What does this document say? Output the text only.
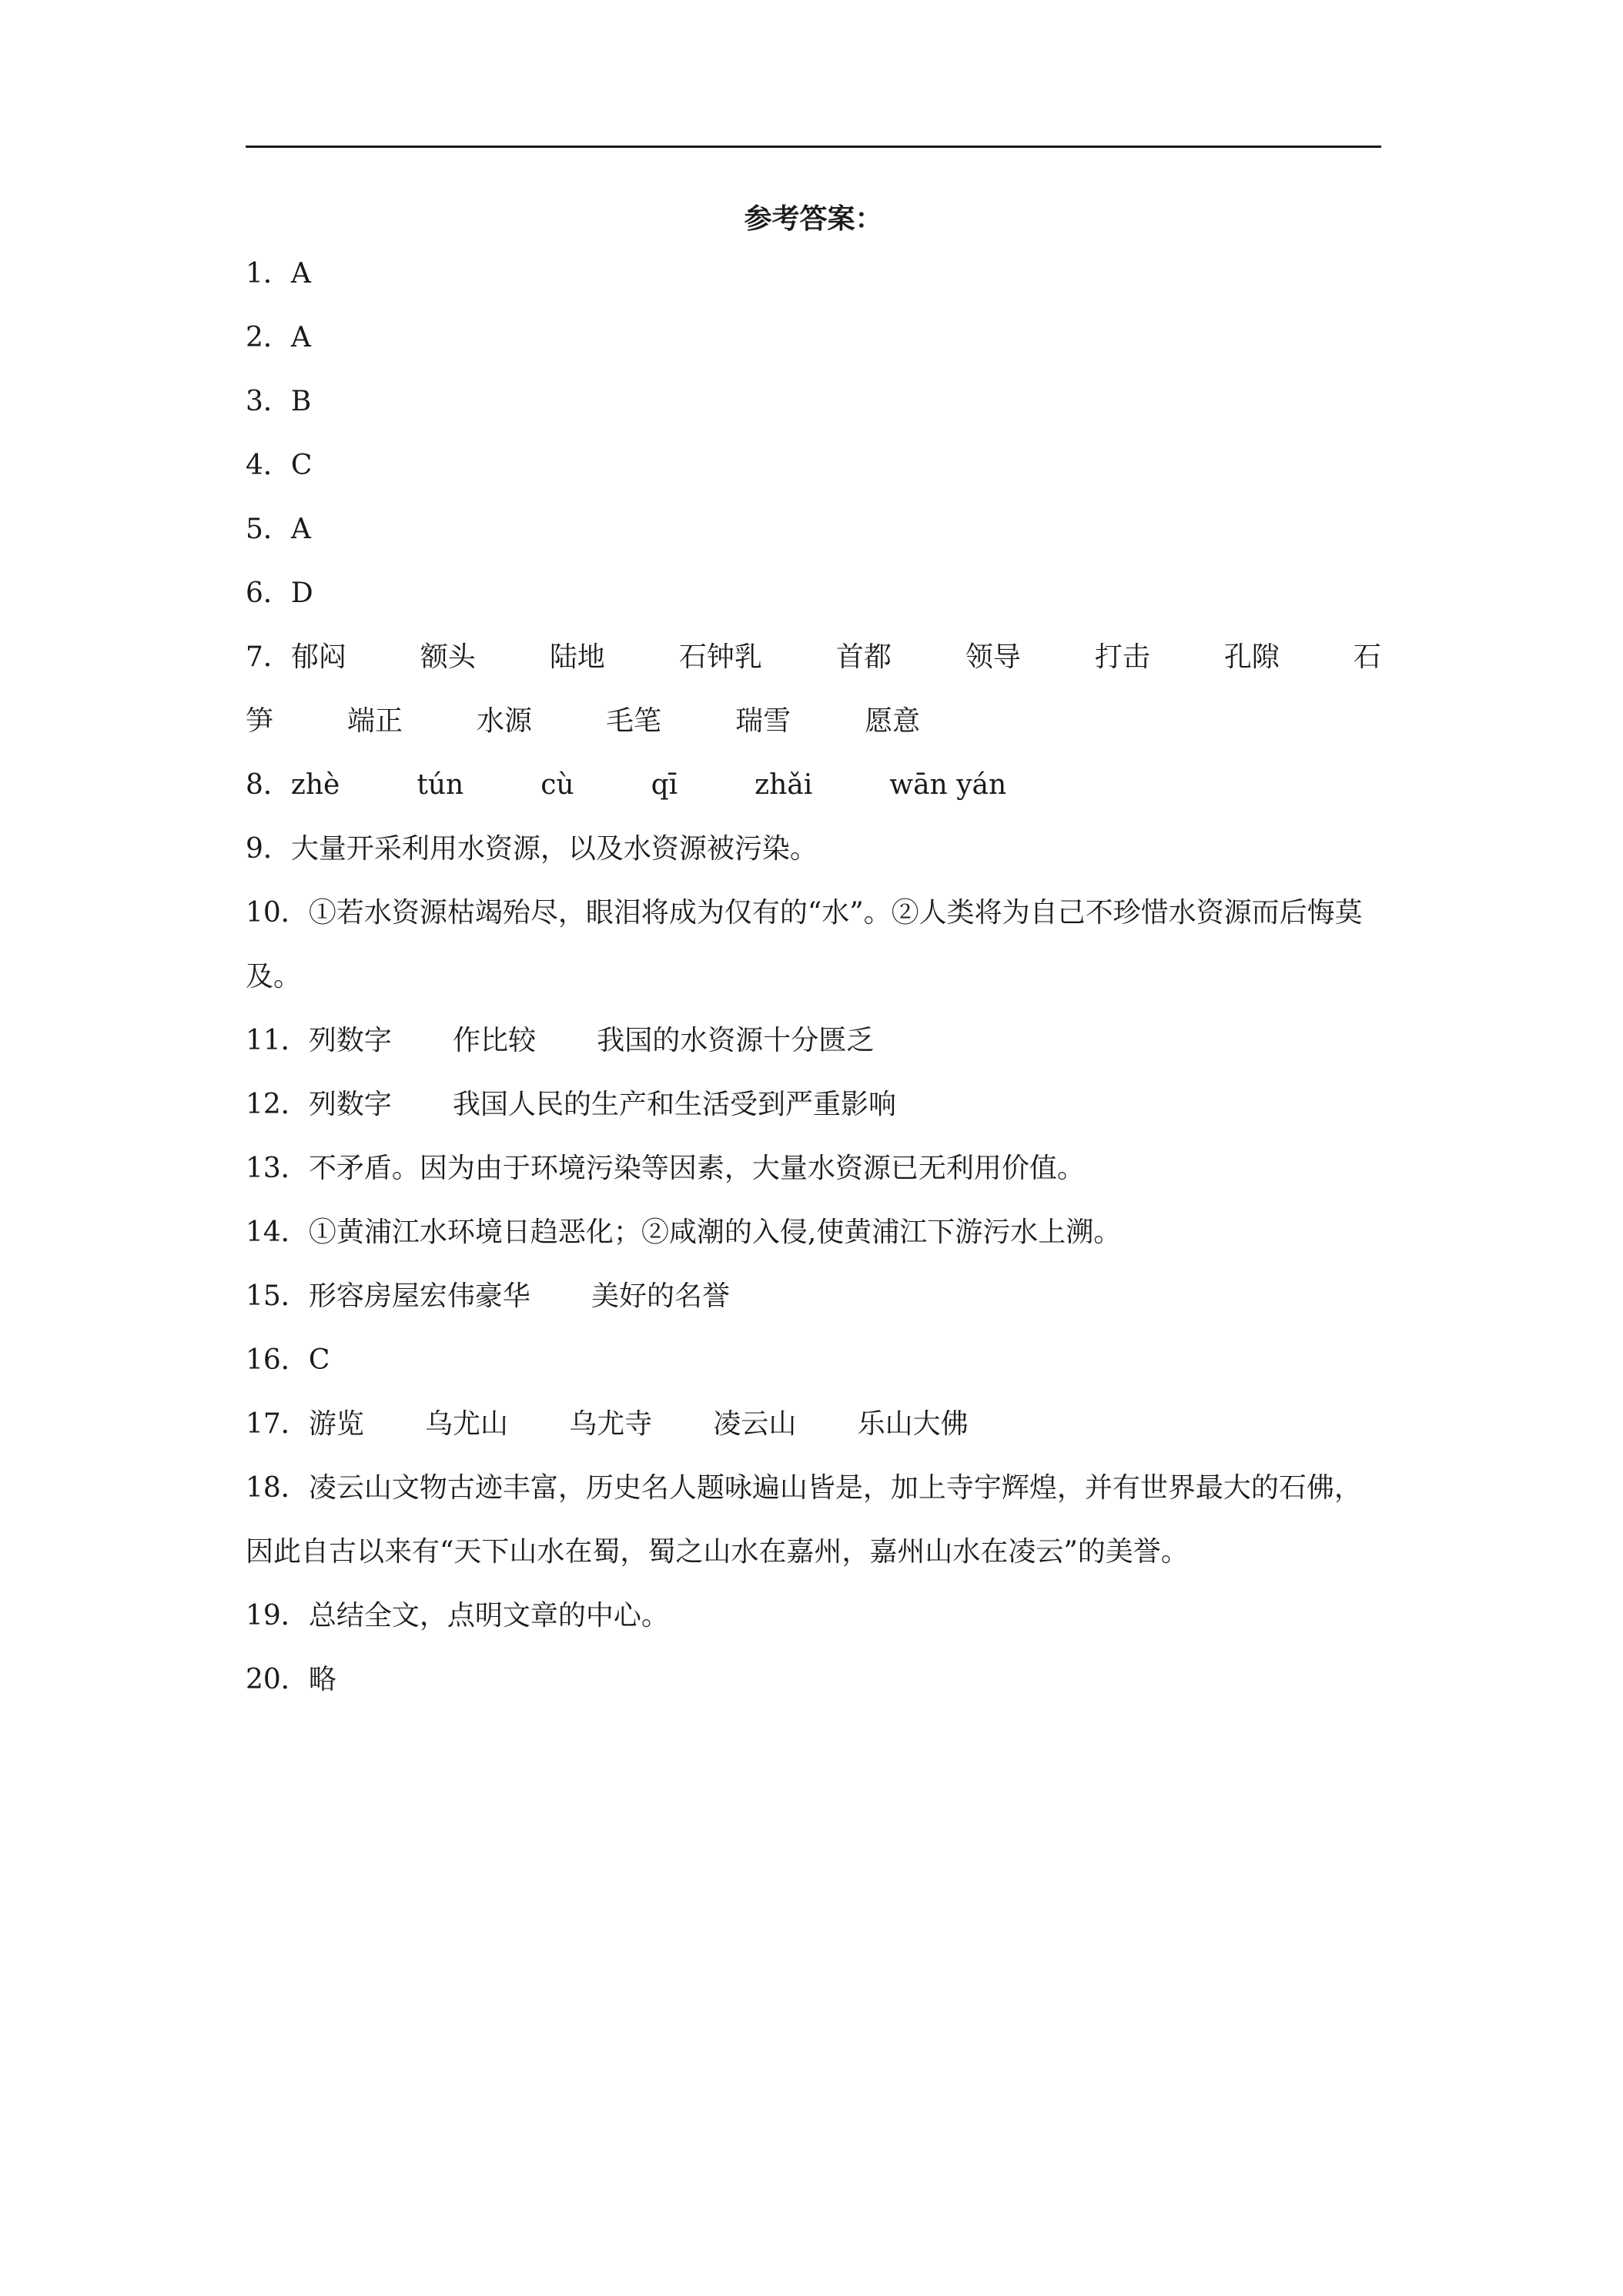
参考答案：
1．A
2．A
3．B
4．C
5．A
6．D
7．郁闷	额头	陆地	石钟乳	首都	领导	打击	孔隙	石
笋	端正	水源	毛笔	瑞雪	愿意
8．zhè	tún	cù	qī	zhǎi	wān yán
9．大量开采利用水资源，以及水资源被污染。
10．①若水资源枯竭殆尽，眼泪将成为仅有的“水”。②人类将为自己不珍惜水资源而后悔莫
及。
11．列数字 作比较 我国的水资源十分匮乏
12．列数字 我国人民的生产和生活受到严重影响
13．不矛盾。因为由于环境污染等因素，大量水资源已无利用价值。
14．①黄浦江水环境日趋恶化；②咸潮的入侵,使黄浦江下游污水上溯。
15．形容房屋宏伟豪华 美好的名誉
16．C
17．游览 乌尤山 乌尤寺 凌云山 乐山大佛
18．凌云山文物古迹丰富，历史名人题咏遍山皆是，加上寺宇辉煌，并有世界最大的石佛，
因此自古以来有“天下山水在蜀，蜀之山水在嘉州，嘉州山水在凌云”的美誉。
19．总结全文，点明文章的中心。
20．略
